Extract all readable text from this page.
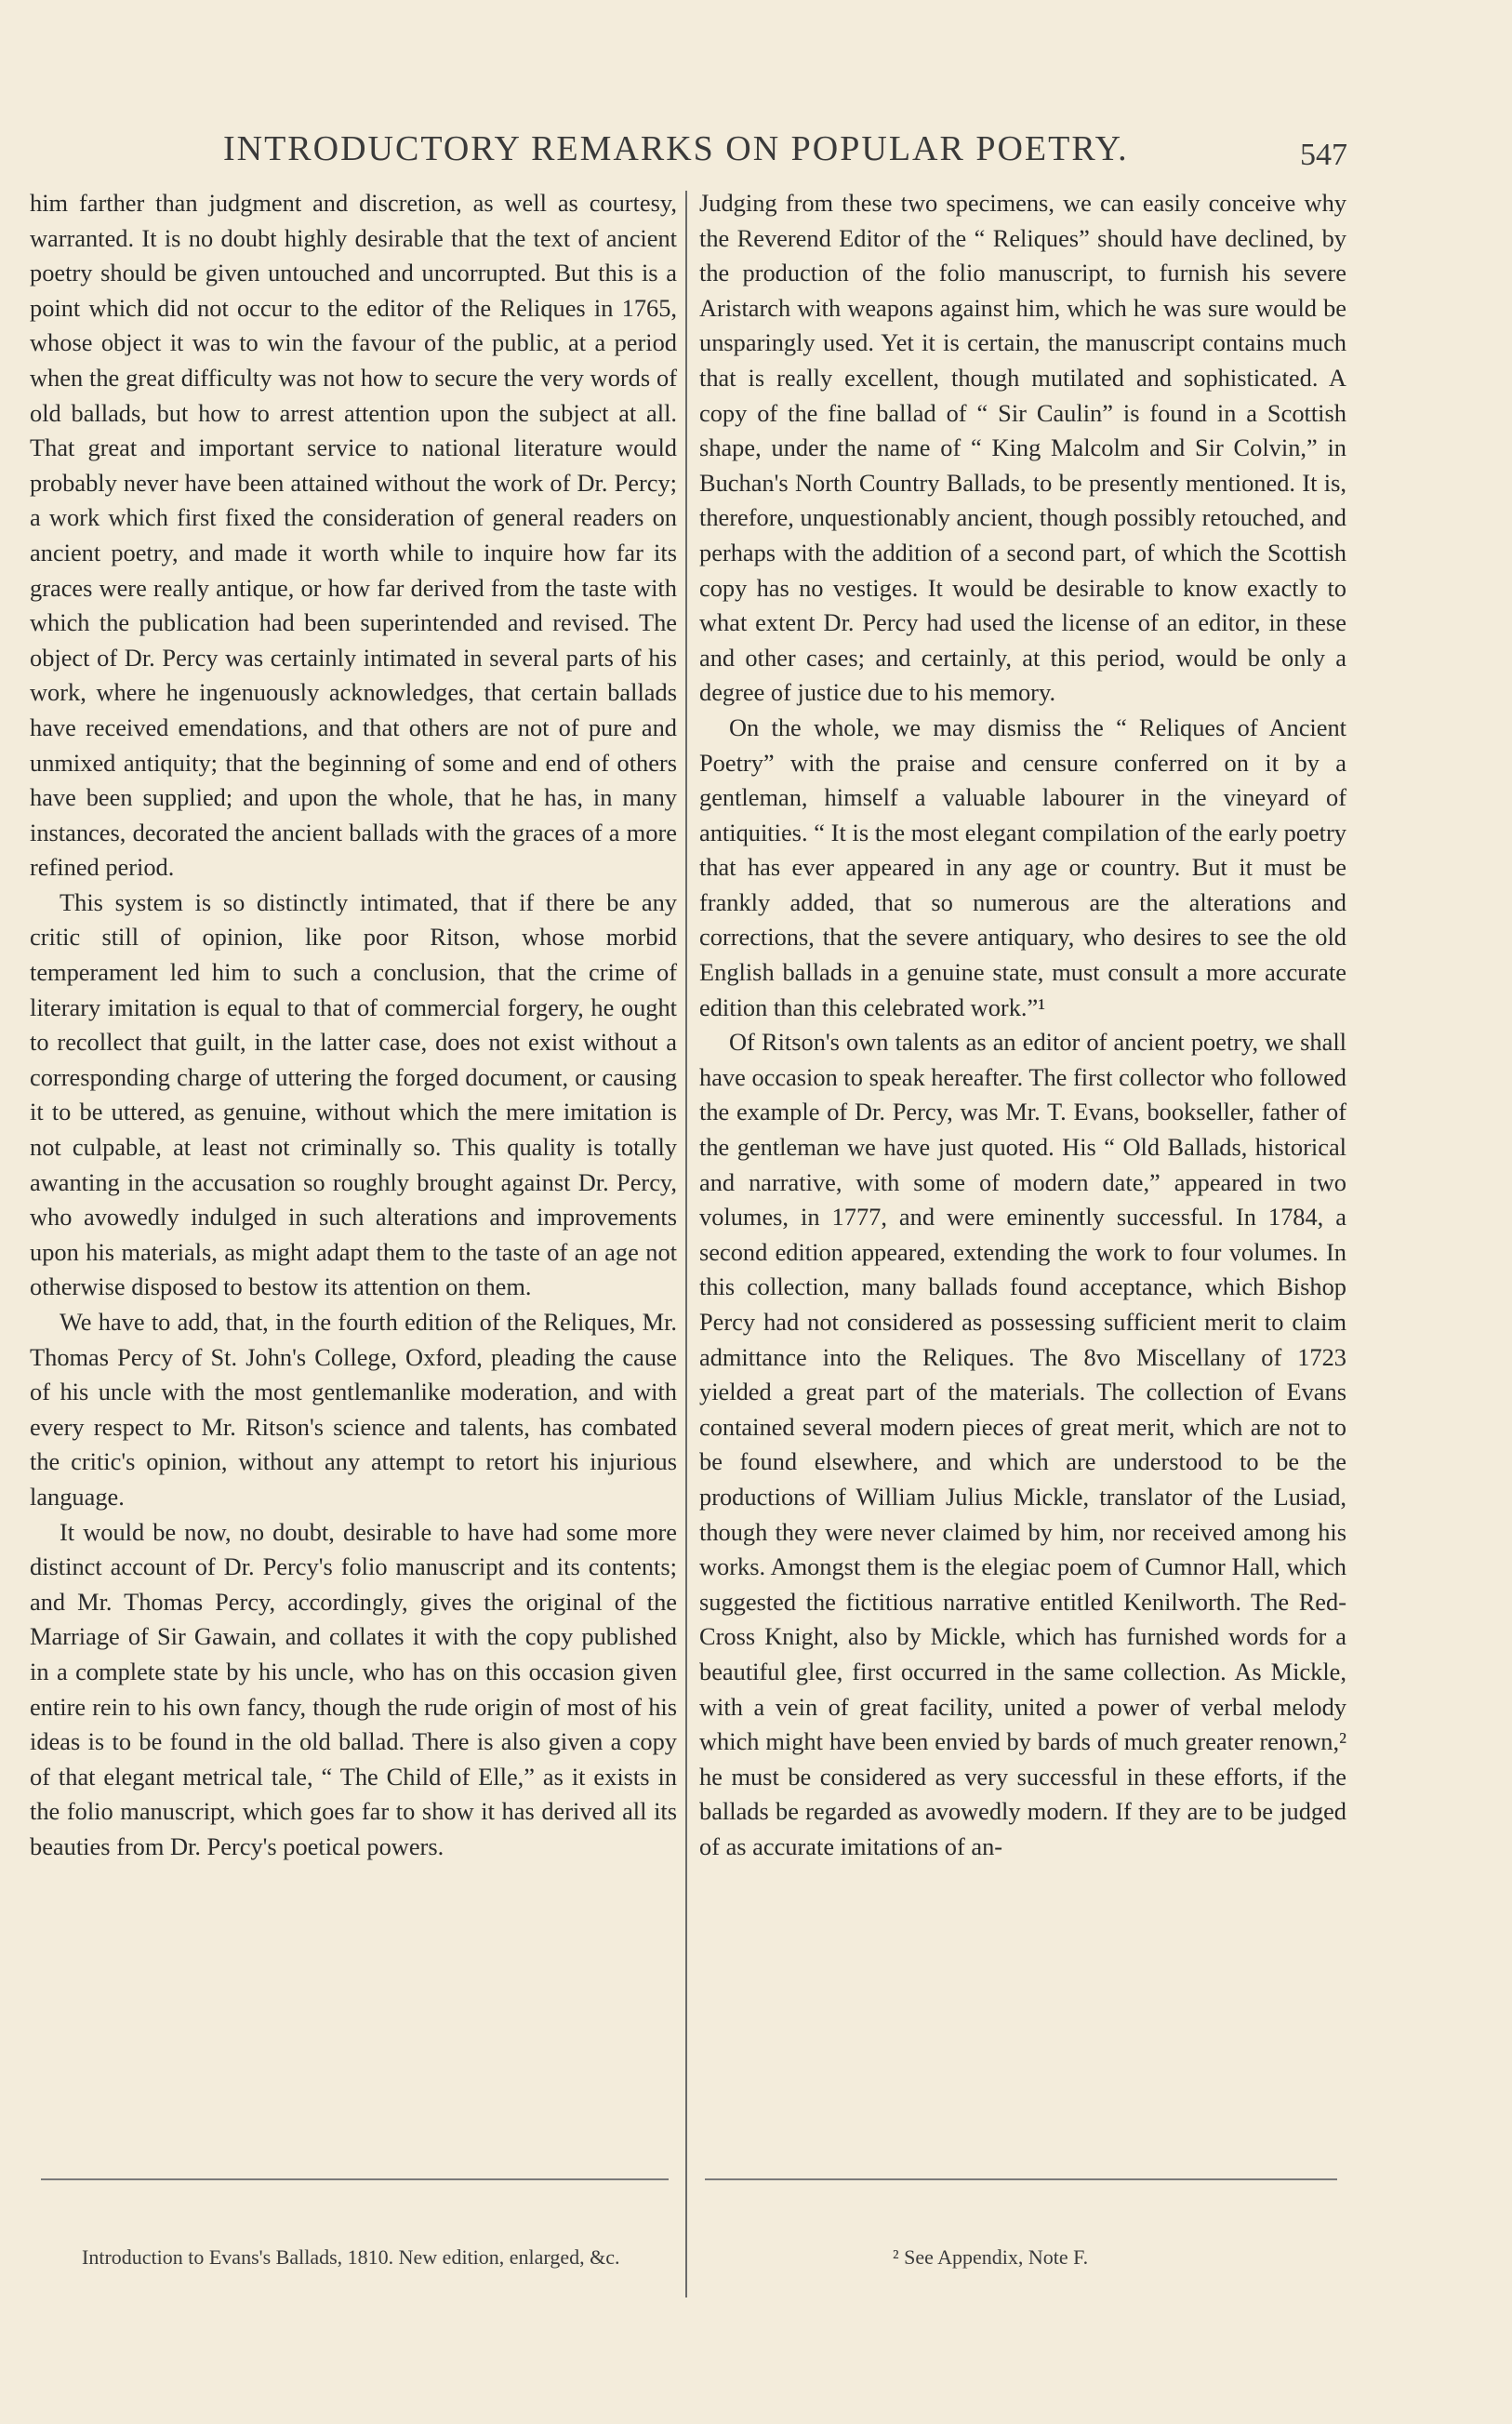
INTRODUCTORY REMARKS ON POPULAR POETRY.	547

him farther than judgment and discretion, as well as courtesy, warranted. It is no doubt highly desirable that the text of ancient poetry should be given untouched and uncorrupted. But this is a point which did not occur to the editor of the Reliques in 1765, whose object it was to win the favour of the public, at a period when the great difficulty was not how to secure the very words of old ballads, but how to arrest attention upon the subject at all. That great and important service to national literature would probably never have been attained without the work of Dr. Percy; a work which first fixed the consideration of general readers on ancient poetry, and made it worth while to inquire how far its graces were really antique, or how far derived from the taste with which the publication had been superintended and revised. The object of Dr. Percy was certainly intimated in several parts of his work, where he ingenuously acknowledges, that certain ballads have received emendations, and that others are not of pure and unmixed antiquity; that the beginning of some and end of others have been supplied; and upon the whole, that he has, in many instances, decorated the ancient ballads with the graces of a more refined period.

This system is so distinctly intimated, that if there be any critic still of opinion, like poor Ritson, whose morbid temperament led him to such a conclusion, that the crime of literary imitation is equal to that of commercial forgery, he ought to recollect that guilt, in the latter case, does not exist without a corresponding charge of uttering the forged document, or causing it to be uttered, as genuine, without which the mere imitation is not culpable, at least not criminally so. This quality is totally awanting in the accusation so roughly brought against Dr. Percy, who avowedly indulged in such alterations and improvements upon his materials, as might adapt them to the taste of an age not otherwise disposed to bestow its attention on them.

We have to add, that, in the fourth edition of the Reliques, Mr. Thomas Percy of St. John's College, Oxford, pleading the cause of his uncle with the most gentlemanlike moderation, and with every respect to Mr. Ritson's science and talents, has combated the critic's opinion, without any attempt to retort his injurious language.

It would be now, no doubt, desirable to have had some more distinct account of Dr. Percy's folio manuscript and its contents; and Mr. Thomas Percy, accordingly, gives the original of the Marriage of Sir Gawain, and collates it with the copy published in a complete state by his uncle, who has on this occasion given entire rein to his own fancy, though the rude origin of most of his ideas is to be found in the old ballad. There is also given a copy of that elegant metrical tale, “ The Child of Elle,” as it exists in the folio manuscript, which goes far to show it has derived all its beauties from Dr. Percy's poetical powers.

Judging from these two specimens, we can easily conceive why the Reverend Editor of the “ Reliques” should have declined, by the production of the folio manuscript, to furnish his severe Aristarch with weapons against him, which he was sure would be unsparingly used. Yet it is certain, the manuscript contains much that is really excellent, though mutilated and sophisticated. A copy of the fine ballad of “ Sir Caulin” is found in a Scottish shape, under the name of “ King Malcolm and Sir Colvin,” in Buchan's North Country Ballads, to be presently mentioned. It is, therefore, unquestionably ancient, though possibly retouched, and perhaps with the addition of a second part, of which the Scottish copy has no vestiges. It would be desirable to know exactly to what extent Dr. Percy had used the license of an editor, in these and other cases; and certainly, at this period, would be only a degree of justice due to his memory.

On the whole, we may dismiss the “ Reliques of Ancient Poetry” with the praise and censure conferred on it by a gentleman, himself a valuable labourer in the vineyard of antiquities. “ It is the most elegant compilation of the early poetry that has ever appeared in any age or country. But it must be frankly added, that so numerous are the alterations and corrections, that the severe antiquary, who desires to see the old English ballads in a genuine state, must consult a more accurate edition than this celebrated work.”¹

Of Ritson's own talents as an editor of ancient poetry, we shall have occasion to speak hereafter. The first collector who followed the example of Dr. Percy, was Mr. T. Evans, bookseller, father of the gentleman we have just quoted. His “ Old Ballads, historical and narrative, with some of modern date,” appeared in two volumes, in 1777, and were eminently successful. In 1784, a second edition appeared, extending the work to four volumes. In this collection, many ballads found acceptance, which Bishop Percy had not considered as possessing sufficient merit to claim admittance into the Reliques. The 8vo Miscellany of 1723 yielded a great part of the materials. The collection of Evans contained several modern pieces of great merit, which are not to be found elsewhere, and which are understood to be the productions of William Julius Mickle, translator of the Lusiad, though they were never claimed by him, nor received among his works. Amongst them is the elegiac poem of Cumnor Hall, which suggested the fictitious narrative entitled Kenilworth. The Red-Cross Knight, also by Mickle, which has furnished words for a beautiful glee, first occurred in the same collection. As Mickle, with a vein of great facility, united a power of verbal melody which might have been envied by bards of much greater renown,² he must be considered as very successful in these efforts, if the ballads be regarded as avowedly modern. If they are to be judged of as accurate imitations of an-

Introduction to Evans's Ballads, 1810. New edition, enlarged, &c.	² See Appendix, Note F.
